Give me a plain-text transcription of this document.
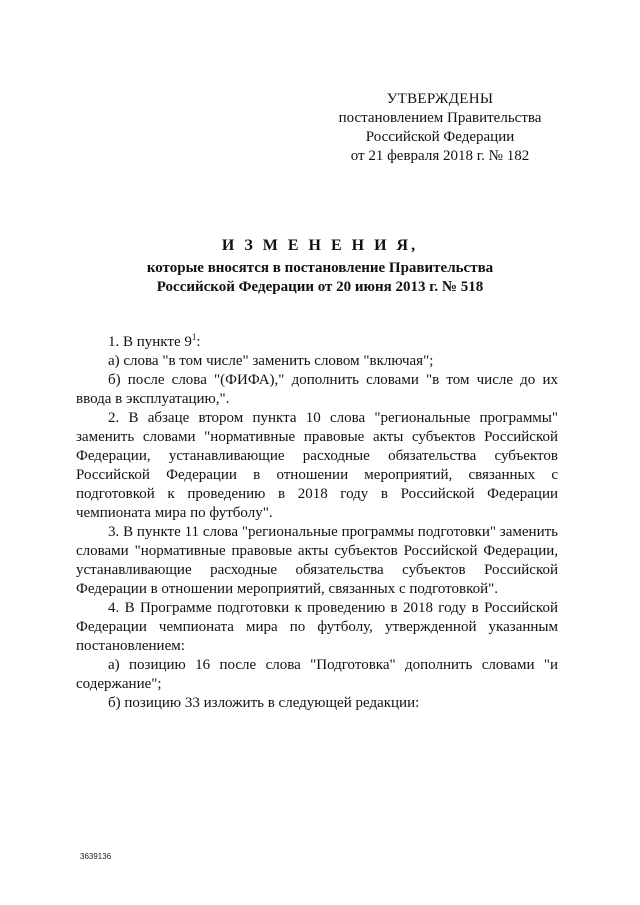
УТВЕРЖДЕНЫ
постановлением Правительства
Российской Федерации
от 21 февраля 2018 г. № 182
И З М Е Н Е Н И Я,
которые вносятся в постановление Правительства
Российской Федерации от 20 июня 2013 г. № 518

1. В пункте $9^1$:

а) слова "в том числе" заменить словом "включая";

б) после слова "(ФИФА)," дополнить словами "в том числе до их ввода в эксплуатацию,".

2. В абзаце втором пункта 10 слова "региональные программы" заменить словами "нормативные правовые акты субъектов Российской Федерации, устанавливающие расходные обязательства субъектов Российской Федерации в отношении мероприятий, связанных с подготовкой к проведению в 2018 году в Российской Федерации чемпионата мира по футболу".

3. В пункте 11 слова "региональные программы подготовки" заменить словами "нормативные правовые акты субъектов Российской Федерации, устанавливающие расходные обязательства субъектов Российской Федерации в отношении мероприятий, связанных с подготовкой".

4. В Программе подготовки к проведению в 2018 году в Российской Федерации чемпионата мира по футболу, утвержденной указанным постановлением:

а) позицию 16 после слова "Подготовка" дополнить словами "и содержание";

б) позицию 33 изложить в следующей редакции:

3639136
